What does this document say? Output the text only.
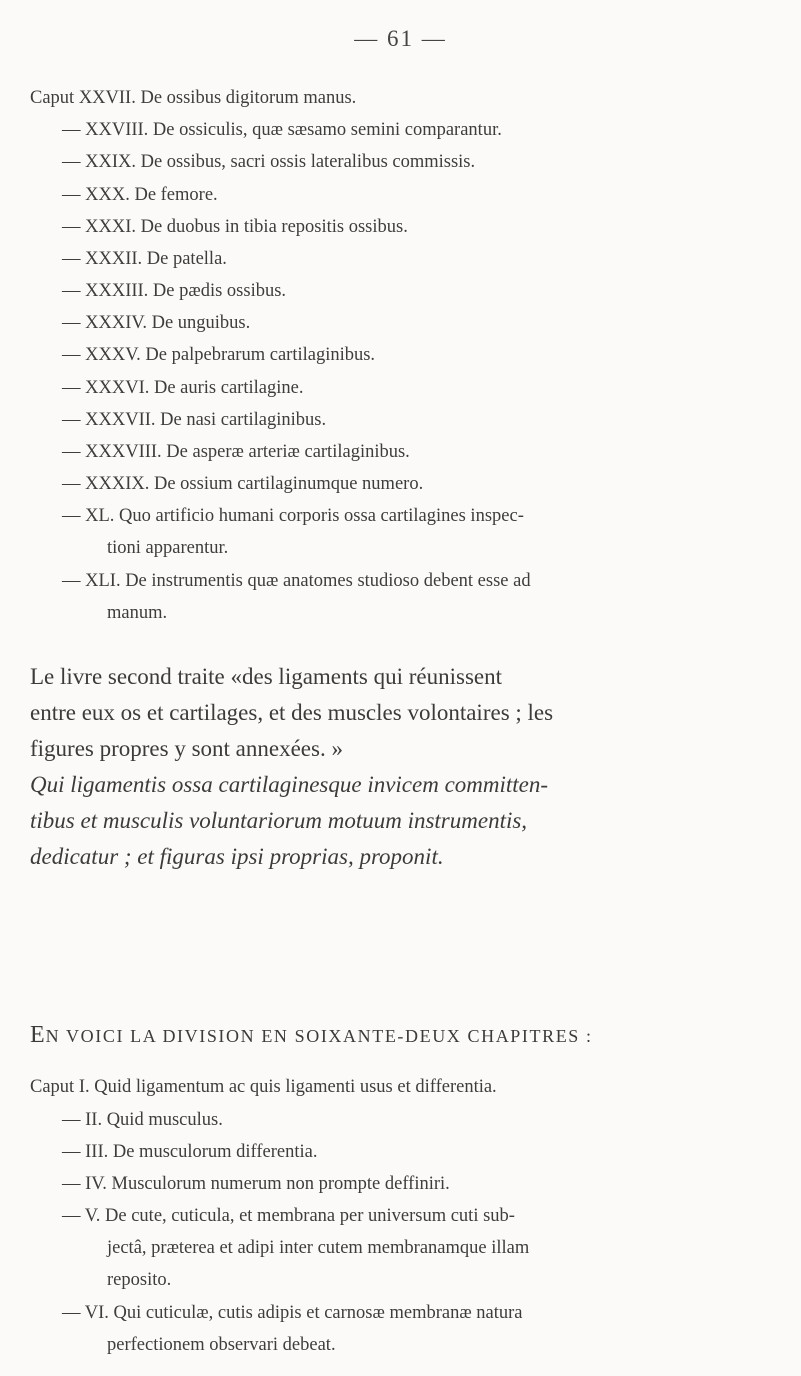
— 61 —
Caput XXVII. De ossibus digitorum manus.
— XXVIII. De ossiculis, quæ sæsamo semini comparantur.
— XXIX. De ossibus, sacri ossis lateralibus commissis.
— XXX. De femore.
— XXXI. De duobus in tibia repositis ossibus.
— XXXII. De patella.
— XXXIII. De pædis ossibus.
— XXXIV. De unguibus.
— XXXV. De palpebrarum cartilaginibus.
— XXXVI. De auris cartilagine.
— XXXVII. De nasi cartilaginibus.
— XXXVIII. De asperæ arteriæ cartilaginibus.
— XXXIX. De ossium cartilaginumque numero.
— XL. Quo artificio humani corporis ossa cartilagines inspec-
tioni apparentur.
— XLI. De instrumentis quæ anatomes studioso debent esse ad
manum.
Le livre second traite «des ligaments qui réunissent
entre eux os et cartilages, et des muscles volontaires ; les
figures propres y sont annexées. »
Qui ligamentis ossa cartilaginesque invicem committen-
tibus et musculis voluntariorum motuum instrumentis,
dedicatur ; et figuras ipsi proprias, proponit.
EN VOICI LA DIVISION EN SOIXANTE-DEUX CHAPITRES :
Caput I. Quid ligamentum ac quis ligamenti usus et differentia.
— II. Quid musculus.
— III. De musculorum differentia.
— IV. Musculorum numerum non prompte deffiniri.
— V. De cute, cuticula, et membrana per universum cuti sub-
jectâ, præterea et adipi inter cutem membranamque illam
reposito.
— VI. Qui cuticulæ, cutis adipis et carnosæ membranæ natura
perfectionem observari debeat.
